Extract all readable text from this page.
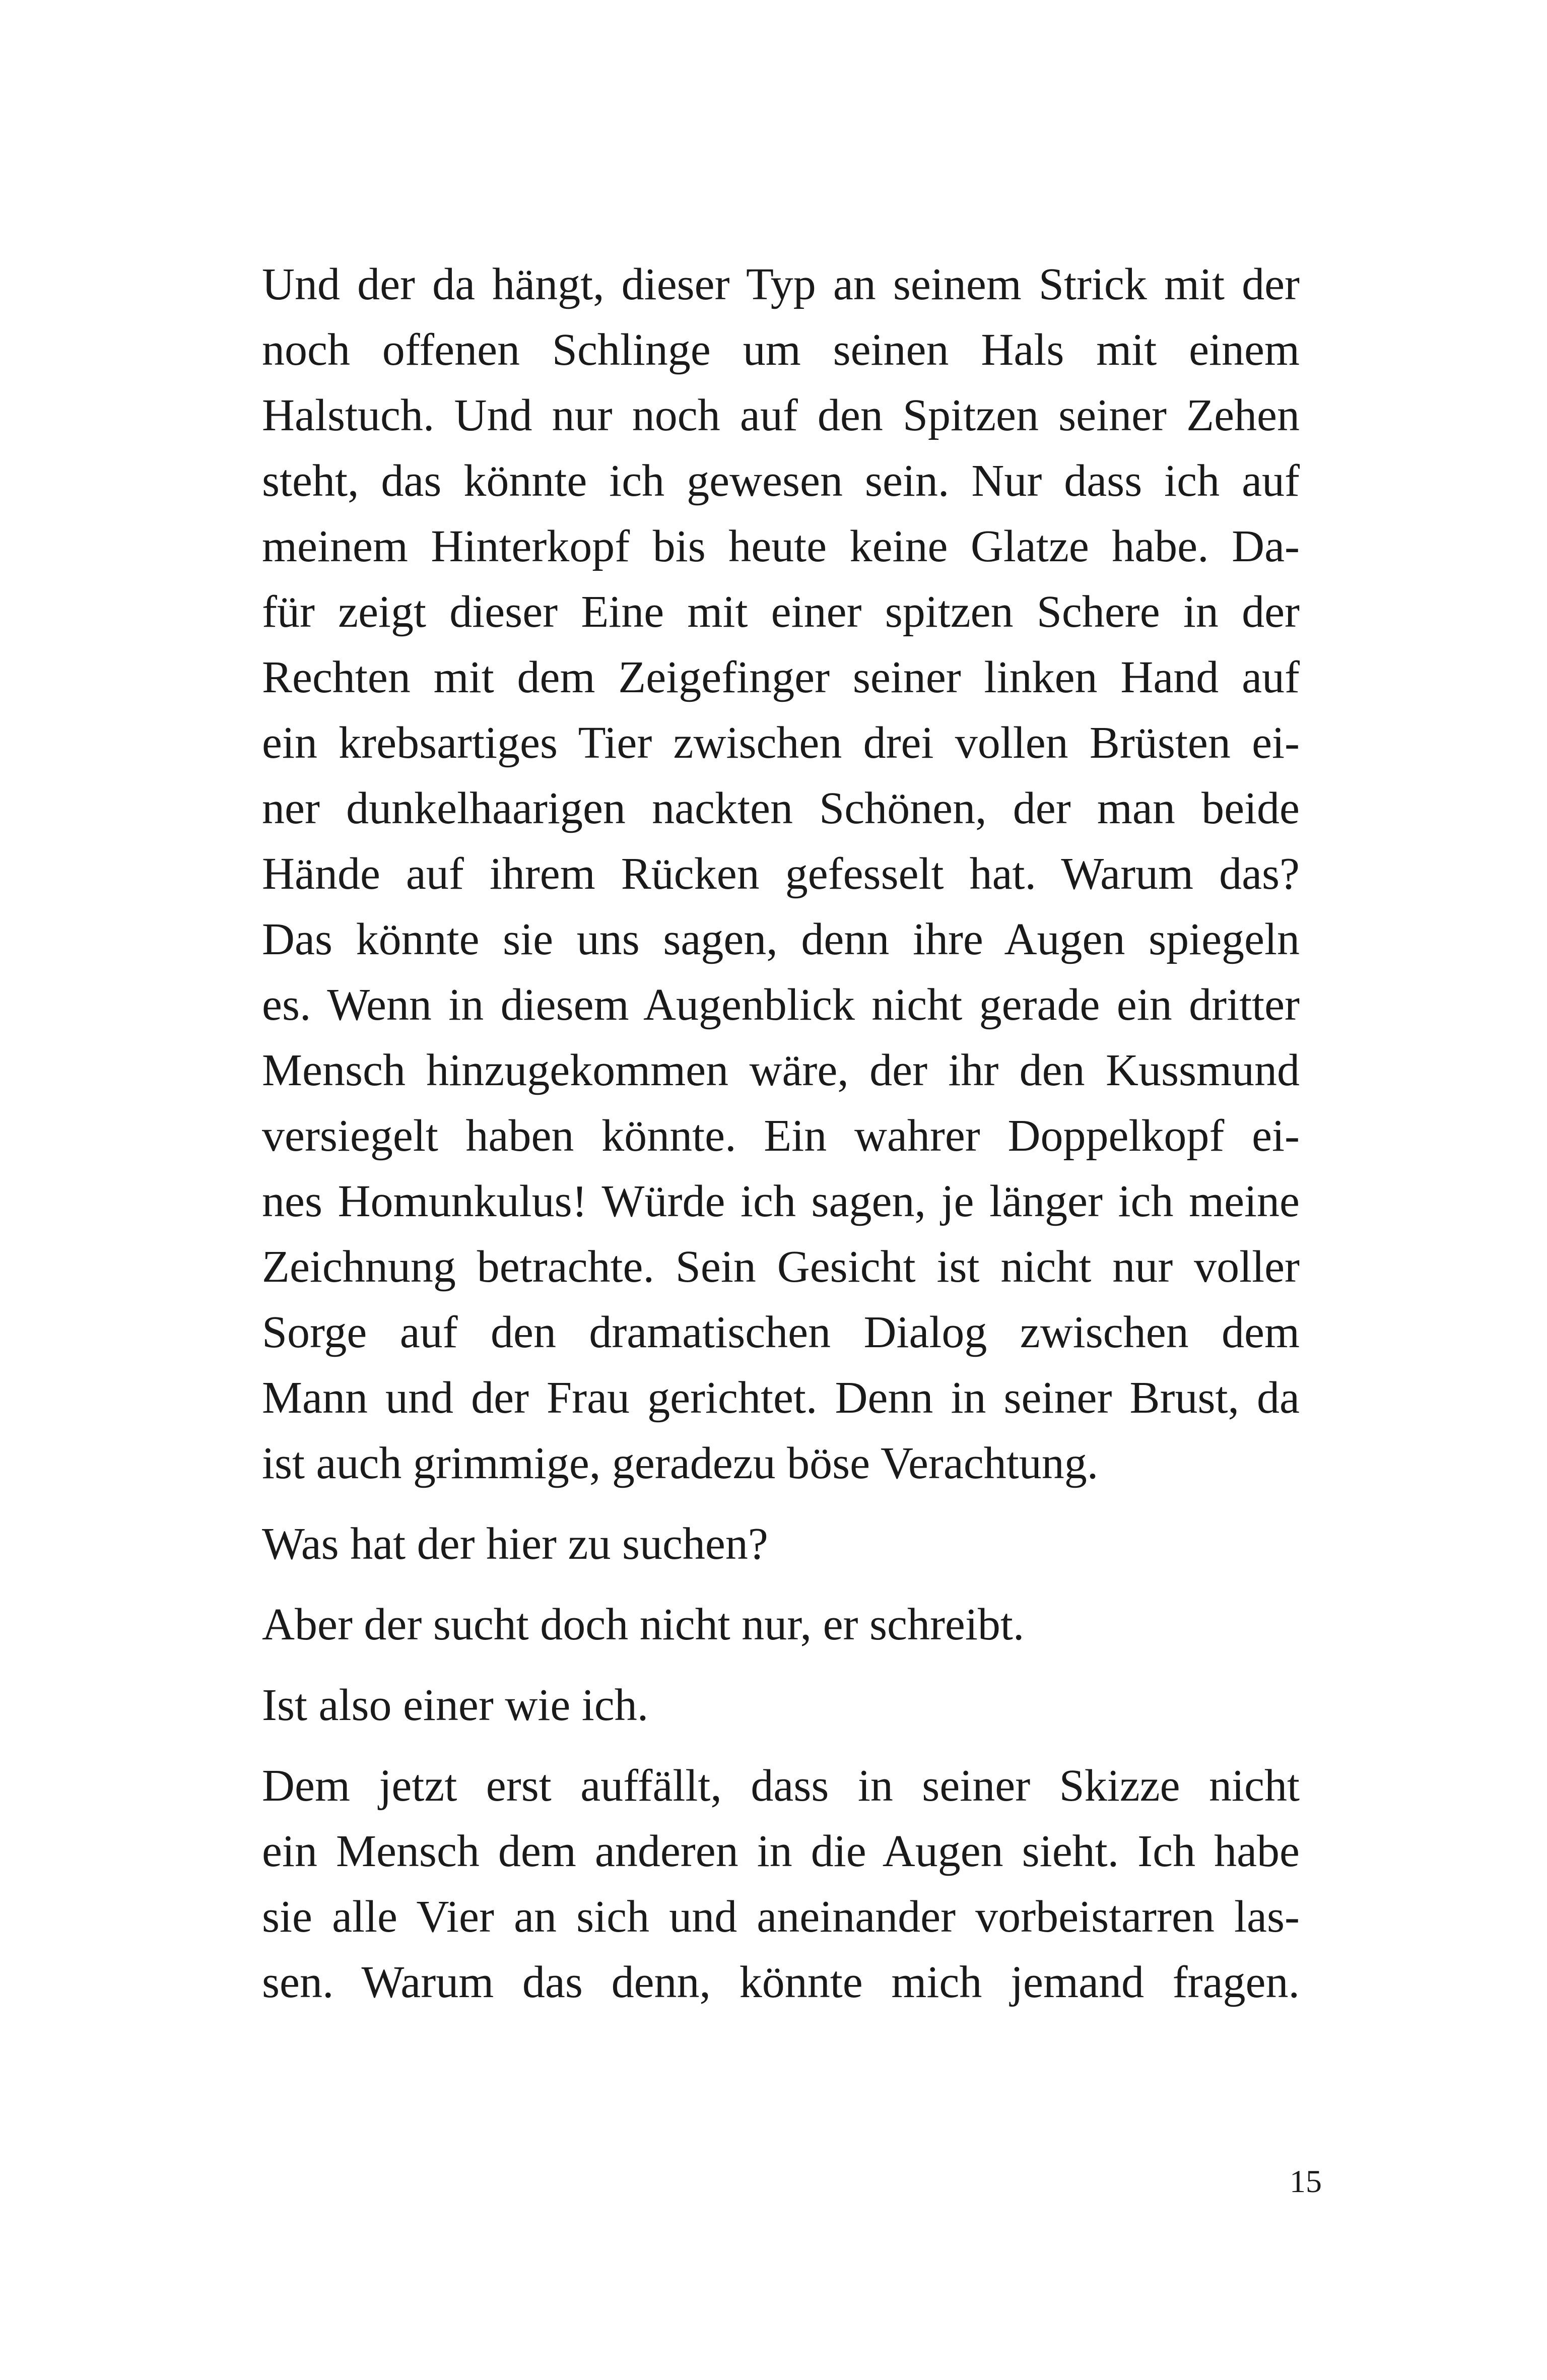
Und der da hängt, dieser Typ an seinem Strick mit der
noch offenen Schlinge um seinen Hals mit einem
Halstuch. Und nur noch auf den Spitzen seiner Zehen
steht, das könnte ich gewesen sein. Nur dass ich auf
meinem Hinterkopf bis heute keine Glatze habe. Da-
für zeigt dieser Eine mit einer spitzen Schere in der
Rechten mit dem Zeigefinger seiner linken Hand auf
ein krebsartiges Tier zwischen drei vollen Brüsten ei-
ner dunkelhaarigen nackten Schönen, der man beide
Hände auf ihrem Rücken gefesselt hat. Warum das?
Das könnte sie uns sagen, denn ihre Augen spiegeln
es. Wenn in diesem Augenblick nicht gerade ein dritter
Mensch hinzugekommen wäre, der ihr den Kussmund
versiegelt haben könnte. Ein wahrer Doppelkopf ei-
nes Homunkulus! Würde ich sagen, je länger ich meine
Zeichnung betrachte. Sein Gesicht ist nicht nur voller
Sorge auf den dramatischen Dialog zwischen dem
Mann und der Frau gerichtet. Denn in seiner Brust, da
ist auch grimmige, geradezu böse Verachtung.
Was hat der hier zu suchen?
Aber der sucht doch nicht nur, er schreibt.
Ist also einer wie ich.
Dem jetzt erst auffällt, dass in seiner Skizze nicht
ein Mensch dem anderen in die Augen sieht. Ich habe
sie alle Vier an sich und aneinander vorbeistarren las-
sen. Warum das denn, könnte mich jemand fragen.
15
